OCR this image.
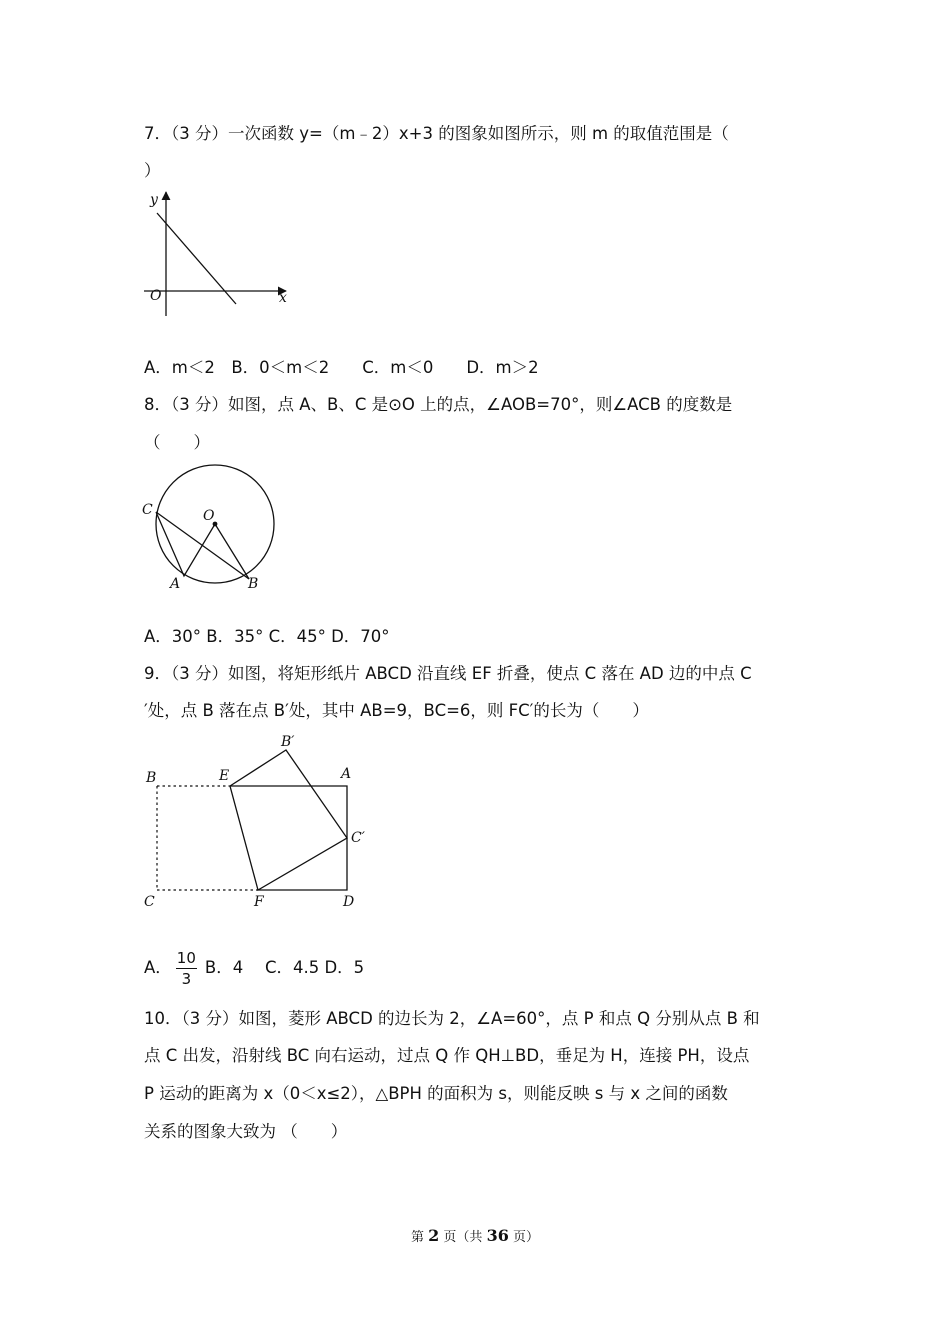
7．（3 分）一次函数 y=（m﹣2）x+3 的图象如图所示，则 m 的取值范围是（
）
y
O	x
A．m＜2　B．0＜m＜2　　C．m＜0　　D．m＞2
8．（3 分）如图，点 A、B、C 是⊙O 上的点，∠AOB=70°，则∠ACB 的度数是
（　　）
C	O
A	B
A．30° B．35° C．45° D．70°
9．（3 分）如图，将矩形纸片 ABCD 沿直线 EF 折叠，使点 C 落在 AD 边的中点 C
′处，点 B 落在点 B′处，其中 AB=9，BC=6，则 FC′的长为（　　）
B′
B	E	A
C′
C	F	D
A． $\frac{10}{3}$ B．4　 C．4.5 D．5
10．（3 分）如图，菱形 ABCD 的边长为 2，∠A=60°，点 P 和点 Q 分别从点 B 和
点 C 出发，沿射线 BC 向右运动，过点 Q 作 QH⊥BD，垂足为 H，连接 PH，设点
P 运动的距离为 x（0＜x≤2），△BPH 的面积为 s，则能反映 s 与 x 之间的函数
关系的图象大致为 （　　）
第 2 页（共 36 页）
